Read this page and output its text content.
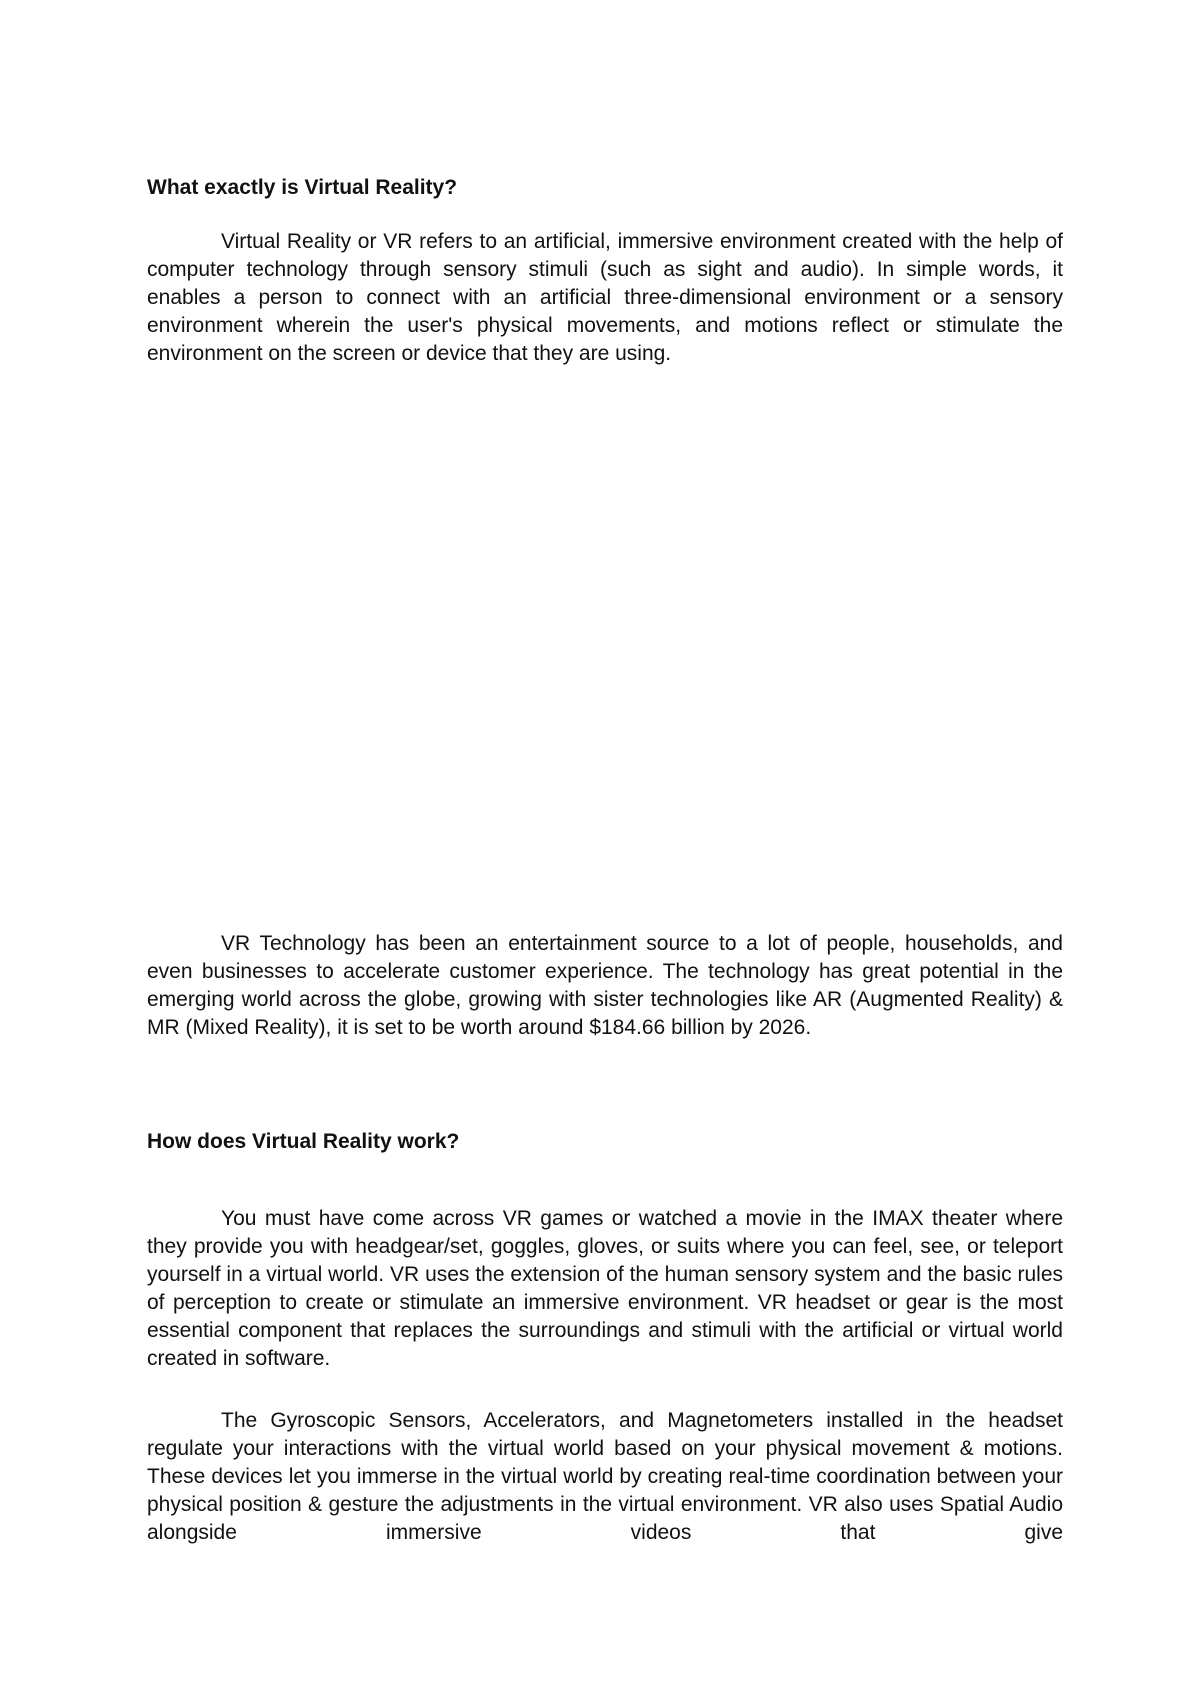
What exactly is Virtual Reality?

Virtual Reality or VR refers to an artificial, immersive environment created with the help of computer technology through sensory stimuli (such as sight and audio). In simple words, it enables a person to connect with an artificial three-dimensional environment or a sensory environment wherein the user's physical movements, and motions reflect or stimulate the environment on the screen or device that they are using.

VR Technology has been an entertainment source to a lot of people, households, and even businesses to accelerate customer experience. The technology has great potential in the emerging world across the globe, growing with sister technologies like AR (Augmented Reality) & MR (Mixed Reality), it is set to be worth around $184.66 billion by 2026.

How does Virtual Reality work?

You must have come across VR games or watched a movie in the IMAX theater where they provide you with headgear/set, goggles, gloves, or suits where you can feel, see, or teleport yourself in a virtual world. VR uses the extension of the human sensory system and the basic rules of perception to create or stimulate an immersive environment. VR headset or gear is the most essential component that replaces the surroundings and stimuli with the artificial or virtual world created in software.

The Gyroscopic Sensors, Accelerators, and Magnetometers installed in the headset regulate your interactions with the virtual world based on your physical movement & motions. These devices let you immerse in the virtual world by creating real-time coordination between your physical position & gesture the adjustments in the virtual environment. VR also uses Spatial Audio alongside immersive videos that give
